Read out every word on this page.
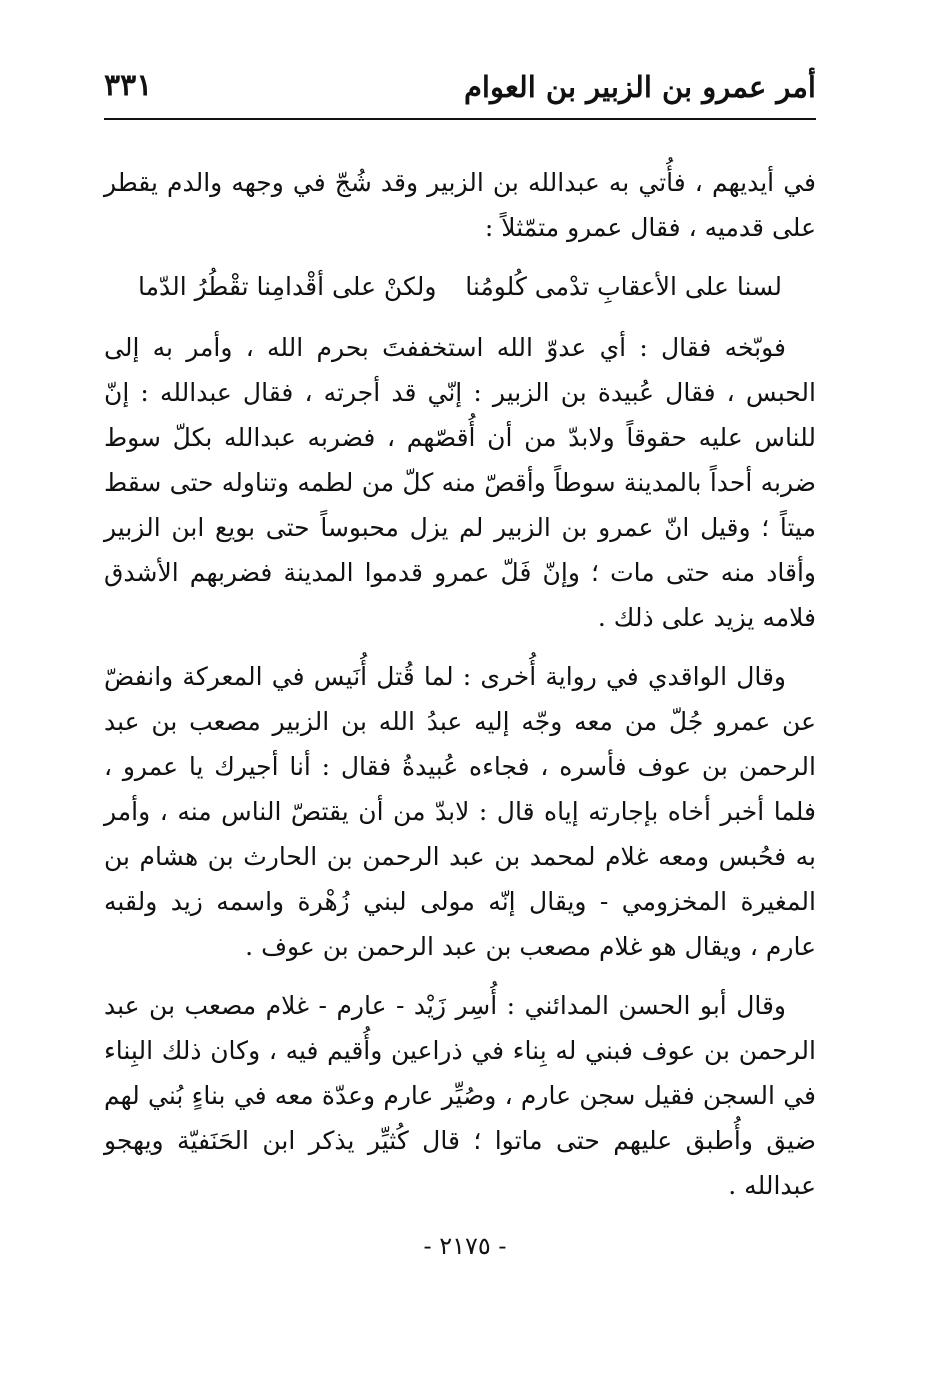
أمر عمرو بن الزبير بن العوام
٣٣١

في أيديهم ، فأُتي به عبدالله بن الزبير وقد شُجّ في وجهه والدم يقطر على قدميه ، فقال عمرو متمّثلاً :

لسنا على الأعقابِ تدْمى كُلومُنا
ولكنْ على أقْدامِنا تقْطُرُ الدّما

فوبّخه فقال : أي عدوّ الله استخففتَ بحرم الله ، وأمر به إلى الحبس ، فقال عُبيدة بن الزبير : إنّي قد أجرته ، فقال عبدالله : إنّ للناس عليه حقوقاً ولابدّ من أن أُقصّهم ، فضربه عبدالله بكلّ سوط ضربه أحداً بالمدينة سوطاً وأقصّ منه كلّ من لطمه وتناوله حتى سقط ميتاً ؛ وقيل انّ عمرو بن الزبير لم يزل محبوساً حتى بويع ابن الزبير وأقاد منه حتى مات ؛ وإنّ فَلّ عمرو قدموا المدينة فضربهم الأشدق فلامه يزيد على ذلك .

وقال الواقدي في رواية أُخرى : لما قُتل أُنَيس في المعركة وانفضّ عن عمرو جُلّ من معه وجّه إليه عبدُ الله بن الزبير مصعب بن عبد الرحمن بن عوف فأسره ، فجاءه عُبيدةُ فقال : أنا أجيرك يا عمرو ، فلما أخبر أخاه بإجارته إياه قال : لابدّ من أن يقتصّ الناس منه ، وأمر به فحُبس ومعه غلام لمحمد بن عبد الرحمن بن الحارث بن هشام بن المغيرة المخزومي - ويقال إنّه مولى لبني زُهْرة واسمه زيد ولقبه عارم ، ويقال هو غلام مصعب بن عبد الرحمن بن عوف .

وقال أبو الحسن المدائني : أُسِر زَيْد - عارم - غلام مصعب بن عبد الرحمن بن عوف فبني له بِناء في ذراعين وأُقيم فيه ، وكان ذلك البِناء في السجن فقيل سجن عارم ، وصُيِّر عارم وعدّة معه في بناءٍ بُني لهم ضيق وأُطبق عليهم حتى ماتوا ؛ قال كُثيِّر يذكر ابن الحَنَفيّة ويهجو عبدالله .

- ٢١٧٥ -
